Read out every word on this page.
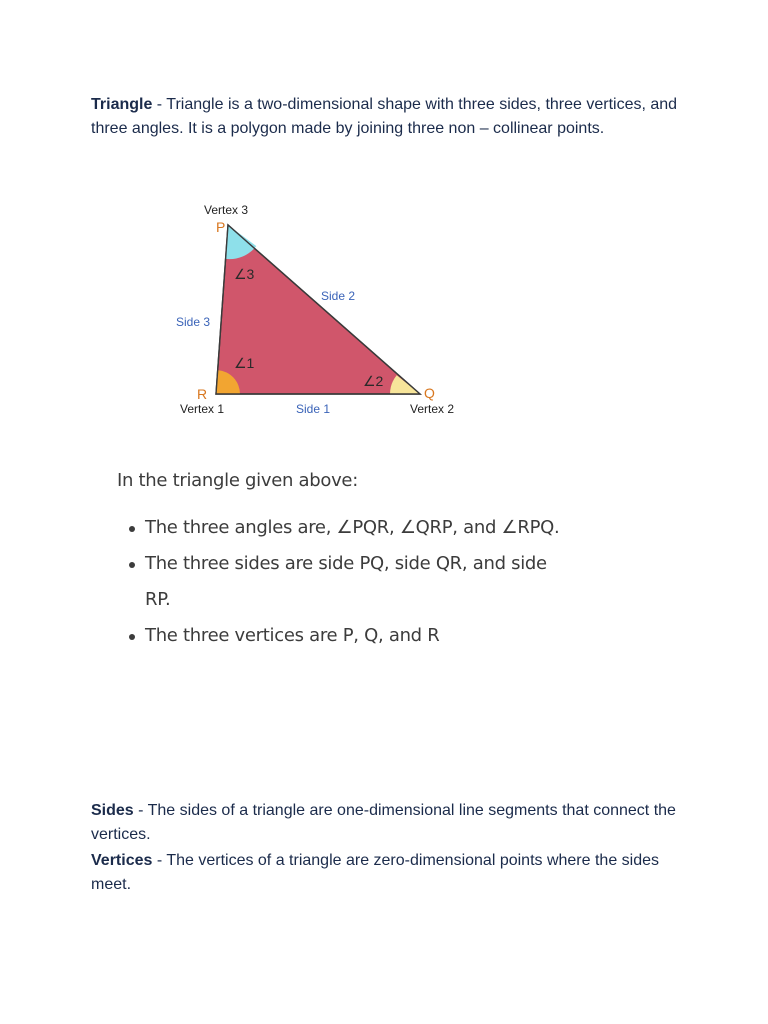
Triangle - Triangle is a two-dimensional shape with three sides, three vertices, and three angles. It is a polygon made by joining three non – collinear points.

Vertex 3
P
R
Vertex 1
Q
Vertex 2
Side 1
Side 2
Side 3
∠3
∠1
∠2

In the triangle given above:

The three angles are, ∠PQR, ∠QRP, and ∠RPQ.
The three sides are side PQ, side QR, and side RP.
The three vertices are P, Q, and R

Sides - The sides of a triangle are one-dimensional line segments that connect the vertices.

Vertices - The vertices of a triangle are zero-dimensional points where the sides meet.
